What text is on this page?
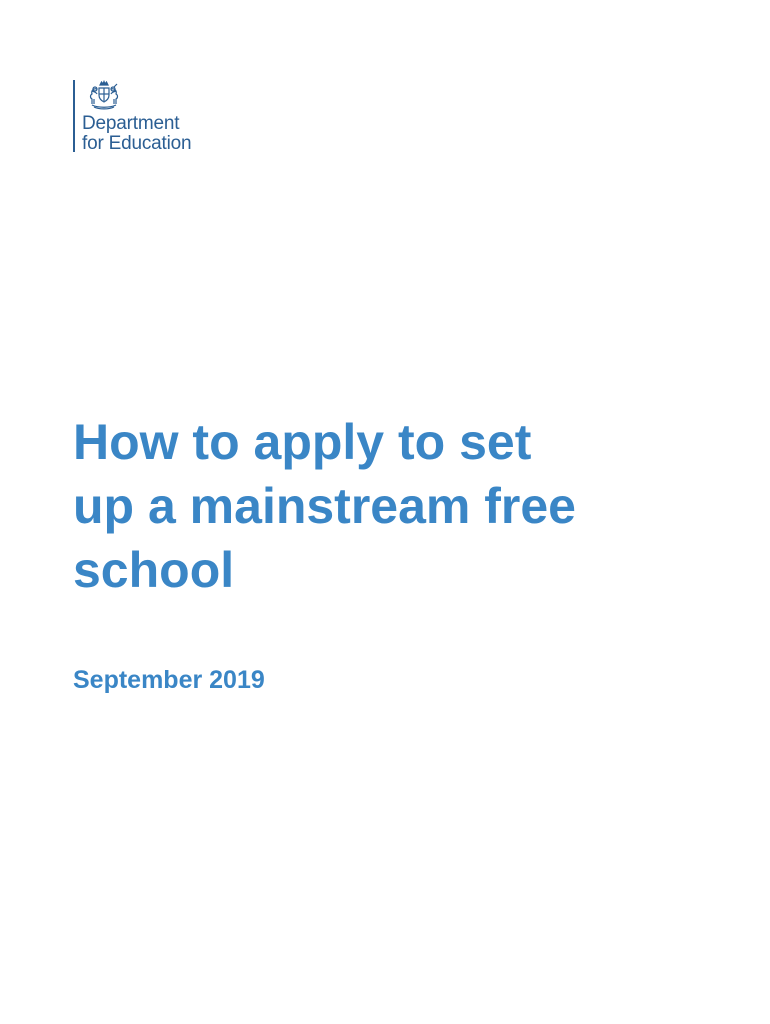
Department
for Education
How to apply to set
up a mainstream free
school

September 2019
